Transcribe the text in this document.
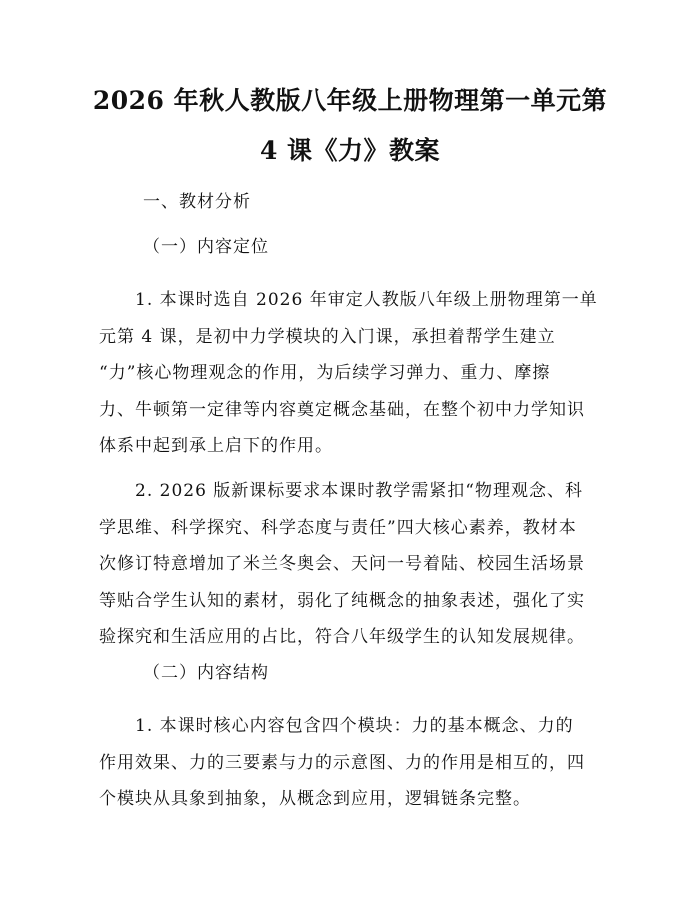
2026 年秋人教版八年级上册物理第一单元第
4 课《力》教案
一、教材分析
（一）内容定位
　　1. 本课时选自 2026 年审定人教版八年级上册物理第一单
元第 4 课，是初中力学模块的入门课，承担着帮学生建立
“力”核心物理观念的作用，为后续学习弹力、重力、摩擦
力、牛顿第一定律等内容奠定概念基础，在整个初中力学知识
体系中起到承上启下的作用。
　　2. 2026 版新课标要求本课时教学需紧扣“物理观念、科
学思维、科学探究、科学态度与责任”四大核心素养，教材本
次修订特意增加了米兰冬奥会、天问一号着陆、校园生活场景
等贴合学生认知的素材，弱化了纯概念的抽象表述，强化了实
验探究和生活应用的占比，符合八年级学生的认知发展规律。
（二）内容结构
　　1. 本课时核心内容包含四个模块：力的基本概念、力的
作用效果、力的三要素与力的示意图、力的作用是相互的，四
个模块从具象到抽象，从概念到应用，逻辑链条完整。
